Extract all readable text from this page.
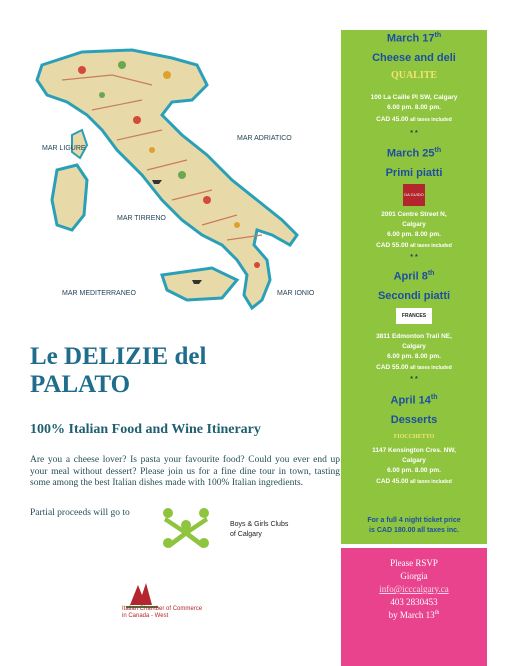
MAR LIGURE
MAR ADRIATICO
MAR TIRRENO
MAR MEDITERRANEO	MAR IONIO
Le DELIZIE del
PALATO
100% Italian Food and Wine Itinerary
Are you a cheese lover? Is pasta your favourite food? Could you ever end up your meal without dessert? Please join us for a fine dine tour in town, tasting some among the best Italian dishes made with 100% Italian ingredients.
Partial proceeds will go to
Boys & Girls Clubs
of Calgary
Italian Chamber of Commerce
in Canada - West
March 17th
Cheese and deli
QUALITE
100 La Caille Pl SW, Calgary
6.00 pm. 8.00 pm.
CAD 45.00 all taxes included
* *
March 25th
Primi piatti
DA GUIDO
2001 Centre Street N,
Calgary
6.00 pm. 8.00 pm.
CAD 55.00 all taxes included
* *
April 8th
Secondi piatti
FRANCES
3811 Edmonton Trail NE,
Calgary
6.00 pm. 8.00 pm.
CAD 55.00 all taxes included
* *
April 14th
Desserts
FIOCCHETTO
1147 Kensington Cres. NW,
Calgary
6.00 pm. 8.00 pm.
CAD 45.00 all taxes included
For a full 4 night ticket price
is CAD 180.00 all taxes inc.
Please RSVP
Giorgia
info@icccalgary.ca
403 2830453
by March 13th
